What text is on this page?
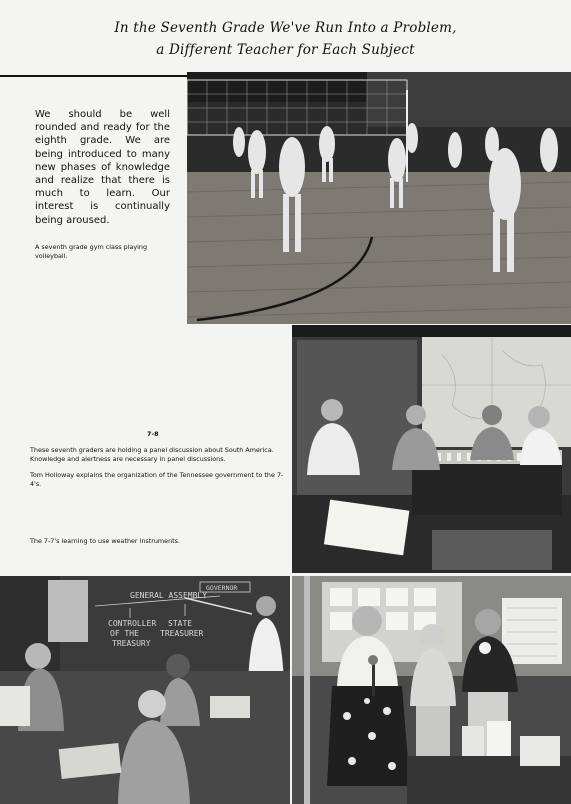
In the Seventh Grade We've Run Into a Problem,
a Different Teacher for Each Subject
We should be well rounded and ready for the eighth grade. We are being introduced to many new phases of knowledge and realize that there is much to learn. Our interest is continually being aroused.
A seventh grade gym class playing volleyball.
7-8
These seventh graders are holding a panel discussion about South America. Knowledge and alertness are necessary in panel discussions.
Tom Holloway explains the organization of the Tennessee government to the 7-4's.
The 7-7's learning to use weather instruments.
GENERAL ASSEMBLY
GOVERNOR
CONTROLLER STATE
OF THE	TREASURER
TREASURY
